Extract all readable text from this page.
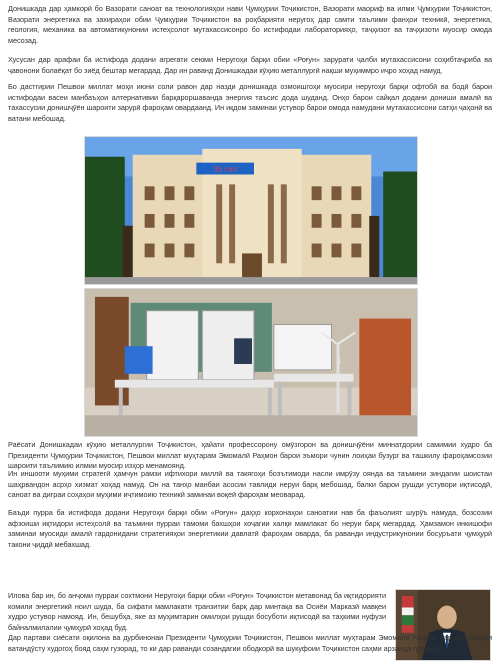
Донишкада дар ҳамкорӣ бо Вазорати саноат ва технологияҳои нави Ҷумҳурии Тоҷикистон, Вазорати маориф ва илми Ҷумҳурии Тоҷикистон, Вазорати энергетика ва захираҳои обии Ҷумҳурии Тоҷикистон ва роҳбарияти неругоҳ дар самти таълими фанҳои техникӣ, энергетика, геология, механика ва автоматикунонии истеҳсолот мутахассисонро бо истифодаи лабораторияҳо, таҷҳизот ва таҷҳизоти муосир омода месозад.

Хусусан дар арафаи ба истифода додани агрегати сеюми Неругоҳи барқи обии «Роғун» зарурати ҷалби мутахассисони соҳибтаҷриба ва ҷавонони болаёқат бо зиёд бештар мегардад. Дар ин раванд Донишкадаи кӯҳию металлургӣ нақши муҳиммро иҷро хоҳад намуд.

Бо дастгирии Пешвои миллат моҳи июни соли равон дар назди донишкада озмоишгоҳи муосири неругоҳи барқи офтобӣ ва бодӣ барои истифодаи васеи манбаъҳои алтернативии барқароршаванда энергия таъсис дода шуданд. Онҳо барои сайқал додани дониши амалӣ ва тахассусии донишҷӯён шароити зарурӣ фароҳам овардаанд. Ин иқдом заминаи устувор барои омода намудани мутахассисони сатҳи ҷаҳонӣ ва ватани мебошад.

35 сол

Раёсати Донишкадаи кӯҳию металлургии Тоҷикистон, ҳайати профессорону омӯзгорон ва донишҷӯёни миннатдории самимии худро ба Президенти Ҷумҳурии Тоҷикистон, Пешвои миллат муҳтарам Эмомалӣ Раҳмон барои эъмори чунин лоиҳаи бузург ва ташкилу фароҳамсозии шароити таълимию илмии муосир изҳор менамоянд.

Ин иншооти муҳими стратегӣ ҳамчун рамзи ифтихори миллӣ ва такягоҳи боэътимоди насли имрӯзу оянда ва таъмини зиндагии шоистаи шаҳрвандон асрҳо хизмат хоҳад намуд. Он на танҳо манбаи асосии тавлиди неруи барқ мебошад, балки барои рушди устувори иқтисодӣ, саноат ва диграи соҳаҳои муҳими иҷтимоию техникӣ заминаи воқеӣ фароҳам меоварад.

Баъди пурра ба истифода додани Неругоҳи барқи обии «Роғун» даҳҳо корхонаҳои саноатии нав ба фаъолият шурӯъ намуда, бозсозии афзоиши иқтидори истеҳсолӣ ва таъмини пурраи тамоми бахшҳои хоҷагии халқи мамлакат бо неруи барқ мегардад. Ҳамзамон инкишофи заминаи муосиди амалӣ гардонидани стратегияҳои энергетикии давлатӣ фароҳам оварда, ба раванди индустрикунонии босуръати ҷумҳурӣ такони ҷиддӣ мебахшад.

Илова бар ин, бо анҷоми пурраи сохтмони Неругоҳи барқи обии «Роғун» Тоҷикистон метавонад ба иқтидорияти комили энергетикӣ ноил шуда, ба сифати мамлакати транзитии барқ дар минтақа ва Осиёи Марказӣ мавқеи худро устувор намояд. Ин, бешубҳа, яке аз муҳимтарин омилҳои рушди босуботи иқтисодӣ ва таҳкими нуфузи байналмилалии ҷумҳурӣ хоҳад буд.

Дар партави сиёсати оқилона ва дурбинонаи Президенти Ҷумҳурии Тоҷикистон, Пешвои миллат муҳтарам Эмомалӣ Раҳмон ҳар шаҳрванди ватандӯсту худогоҳ бояд саҳм гузорад, то ки дар раванди созандагии ободкорӣ ва шукуфоии Тоҷикистон саҳми арзанда гузорад.
